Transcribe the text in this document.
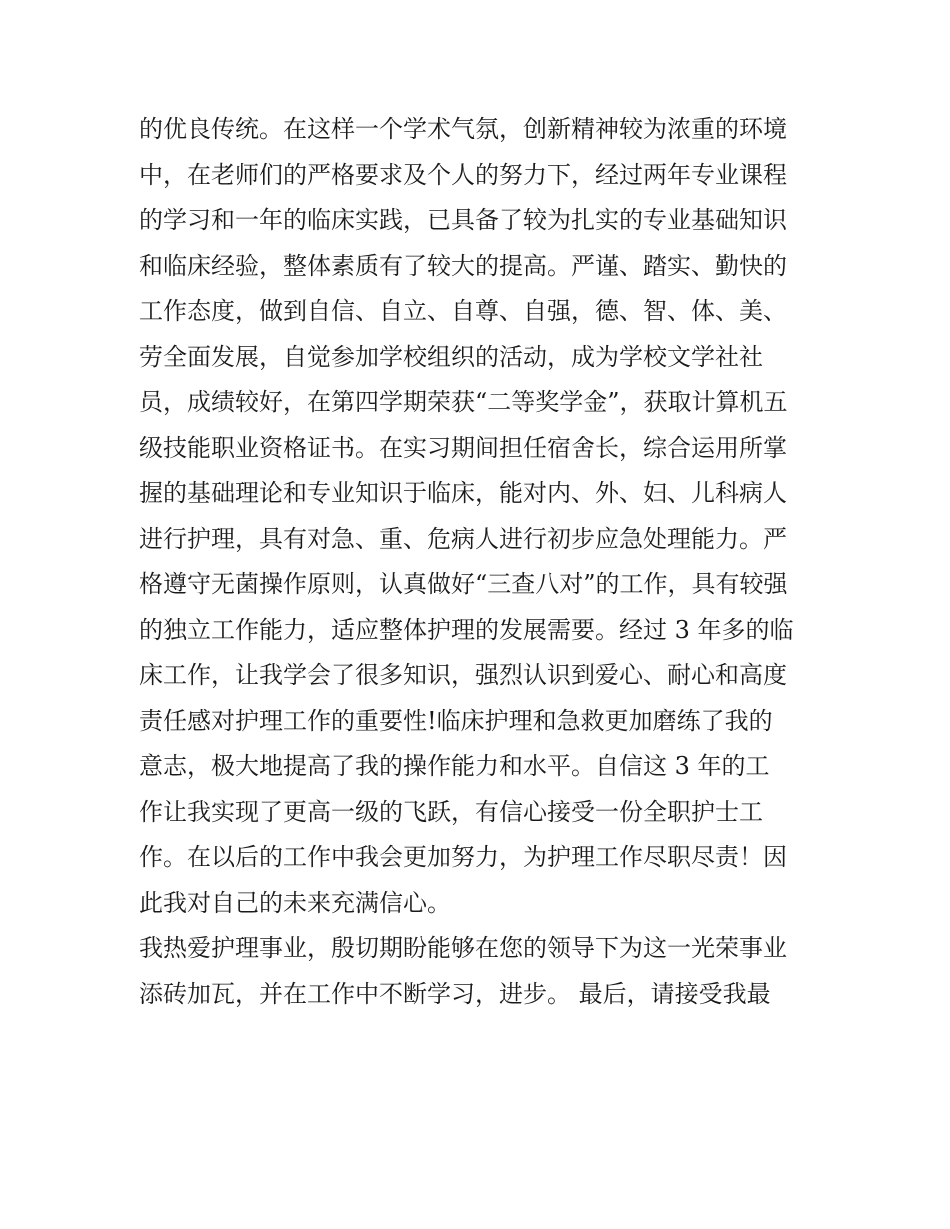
的优良传统。在这样一个学术气氛，创新精神较为浓重的环境
中，在老师们的严格要求及个人的努力下，经过两年专业课程
的学习和一年的临床实践，已具备了较为扎实的专业基础知识
和临床经验，整体素质有了较大的提高。严谨、踏实、勤快的
工作态度，做到自信、自立、自尊、自强，德、智、体、美、
劳全面发展，自觉参加学校组织的活动，成为学校文学社社
员，成绩较好，在第四学期荣获“二等奖学金”，获取计算机五
级技能职业资格证书。在实习期间担任宿舍长，综合运用所掌
握的基础理论和专业知识于临床，能对内、外、妇、儿科病人
进行护理，具有对急、重、危病人进行初步应急处理能力。严
格遵守无菌操作原则，认真做好“三查八对”的工作，具有较强
的独立工作能力，适应整体护理的发展需要。经过 3 年多的临
床工作，让我学会了很多知识，强烈认识到爱心、耐心和高度
责任感对护理工作的重要性!临床护理和急救更加磨练了我的
意志，极大地提高了我的操作能力和水平。自信这 3 年的工
作让我实现了更高一级的飞跃，有信心接受一份全职护士工
作。在以后的工作中我会更加努力，为护理工作尽职尽责！因
此我对自己的未来充满信心。
我热爱护理事业，殷切期盼能够在您的领导下为这一光荣事业
添砖加瓦，并在工作中不断学习，进步。 最后，请接受我最
